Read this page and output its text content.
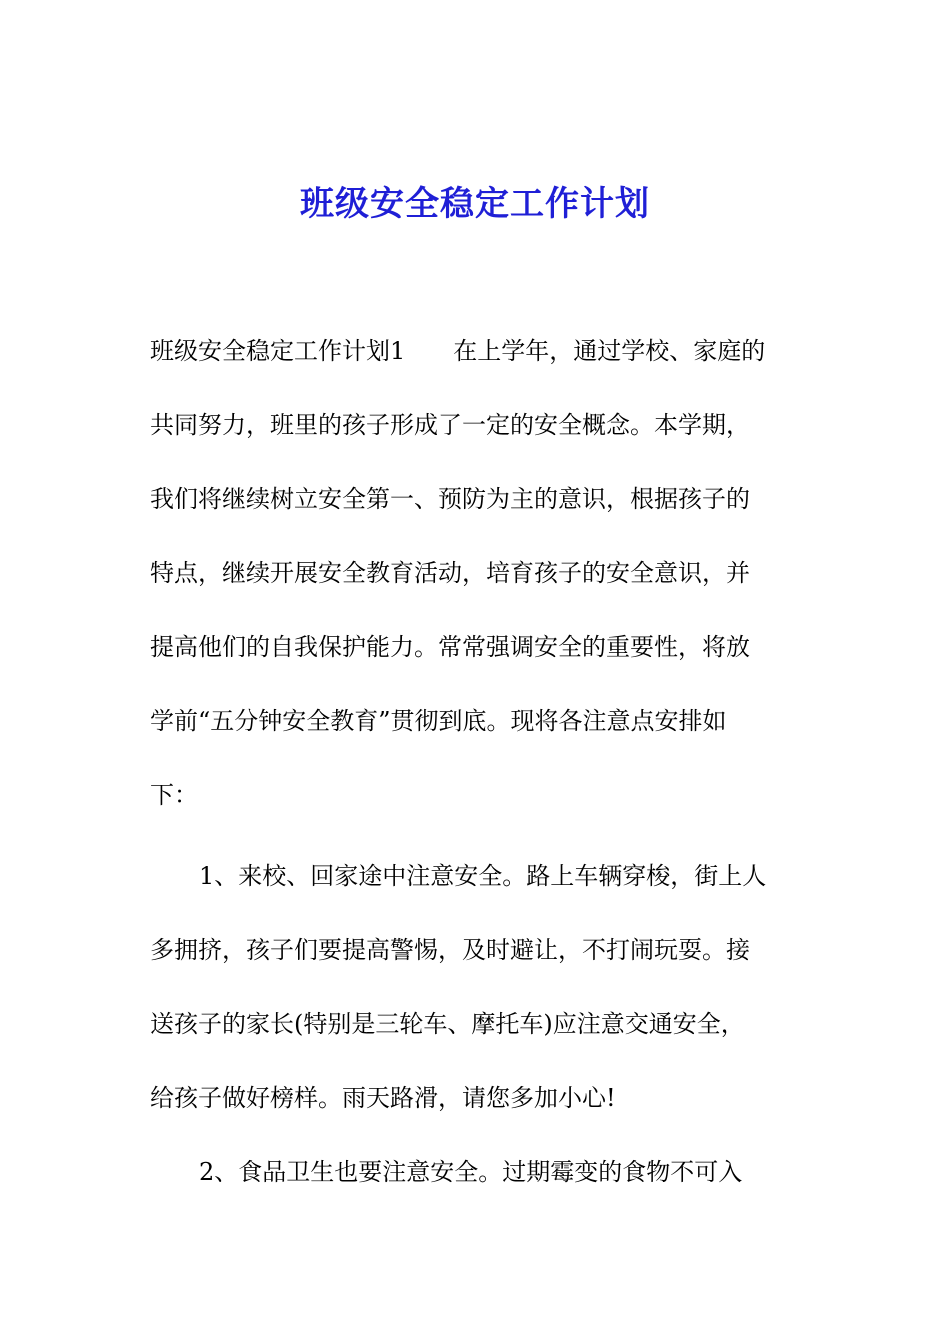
班级安全稳定工作计划
班级安全稳定工作计划1　　在上学年，通过学校、家庭的
共同努力，班里的孩子形成了一定的安全概念。本学期，
我们将继续树立安全第一、预防为主的意识，根据孩子的
特点，继续开展安全教育活动，培育孩子的安全意识，并
提高他们的自我保护能力。常常强调安全的重要性，将放
学前“五分钟安全教育”贯彻到底。现将各注意点安排如
下：
1、来校、回家途中注意安全。路上车辆穿梭，街上人
多拥挤，孩子们要提高警惕，及时避让，不打闹玩耍。接
送孩子的家长(特别是三轮车、摩托车)应注意交通安全，
给孩子做好榜样。雨天路滑，请您多加小心!
2、食品卫生也要注意安全。过期霉变的食物不可入
